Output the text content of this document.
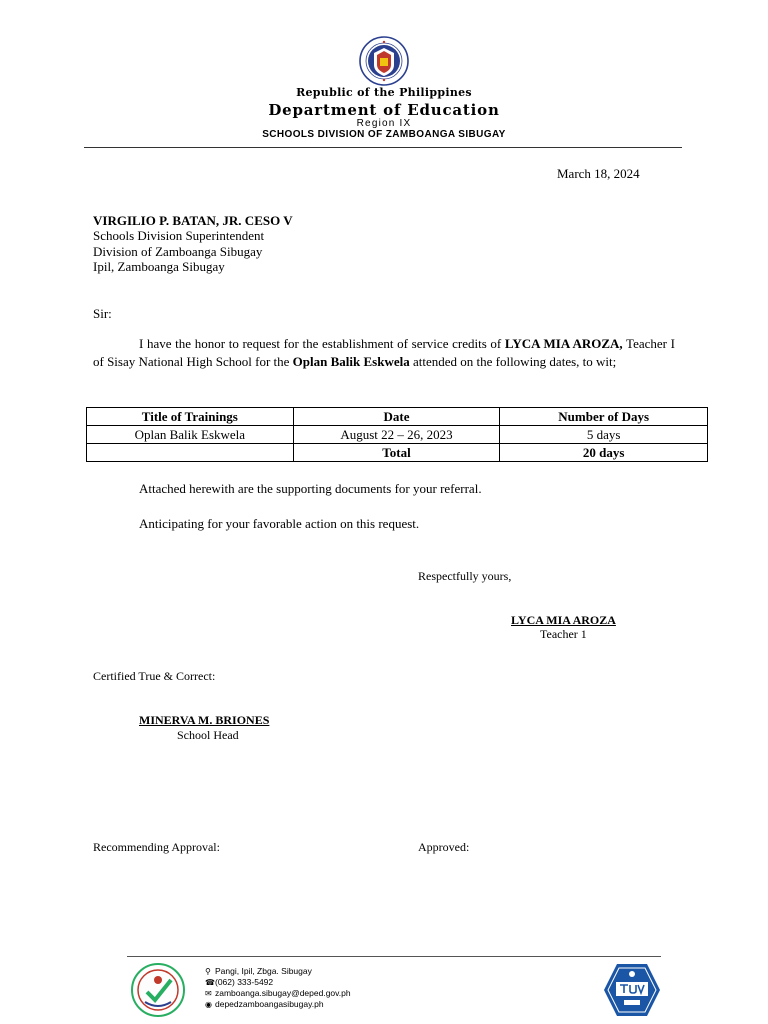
Republic of the Philippines
Department of Education
Region IX
SCHOOLS DIVISION OF ZAMBOANGA SIBUGAY
March 18, 2024
VIRGILIO P. BATAN, JR. CESO V
Schools Division Superintendent
Division of Zamboanga Sibugay
Ipil, Zamboanga Sibugay
Sir:
I have the honor to request for the establishment of service credits of LYCA MIA AROZA, Teacher I of Sisay National High School for the Oplan Balik Eskwela attended on the following dates, to wit;
Title of Trainings	Date	Number of Days
Oplan Balik Eskwela	August 22 – 26, 2023	5 days
	Total	20 days
Attached herewith are the supporting documents for your referral.
Anticipating for your favorable action on this request.
Respectfully yours,
LYCA MIA AROZA
Teacher 1
Certified True & Correct:
MINERVA M. BRIONES
School Head
Recommending Approval:	Approved:
⚲ Pangi, Ipil, Zbga. Sibugay
☎ (062) 333-5492
✉ zamboanga.sibugay@deped.gov.ph
◉ depedzamboangasibugay.ph
